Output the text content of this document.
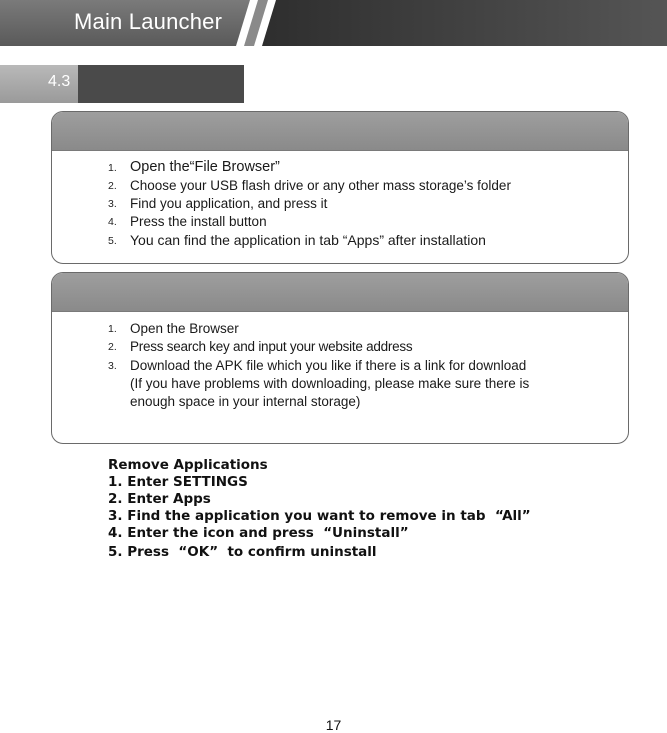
Main Launcher
4.3
1. Open the“File Browser”
2. Choose your USB flash drive or any other mass storage’s folder
3. Find you application, and press it
4. Press the install button
5. You can find the application in tab “Apps” after installation
1. Open the Browser
2. Press search key and input your website address
3. Download the APK file which you like if there is a link for download
(If you have problems with downloading, please make sure there is
enough space in your internal storage)
Remove Applications
1. Enter SETTINGS
2. Enter Apps
3. Find the application you want to remove in tab  “All”
4. Enter the icon and press  “Uninstall”
5. Press  “OK”  to confirm uninstall
17
